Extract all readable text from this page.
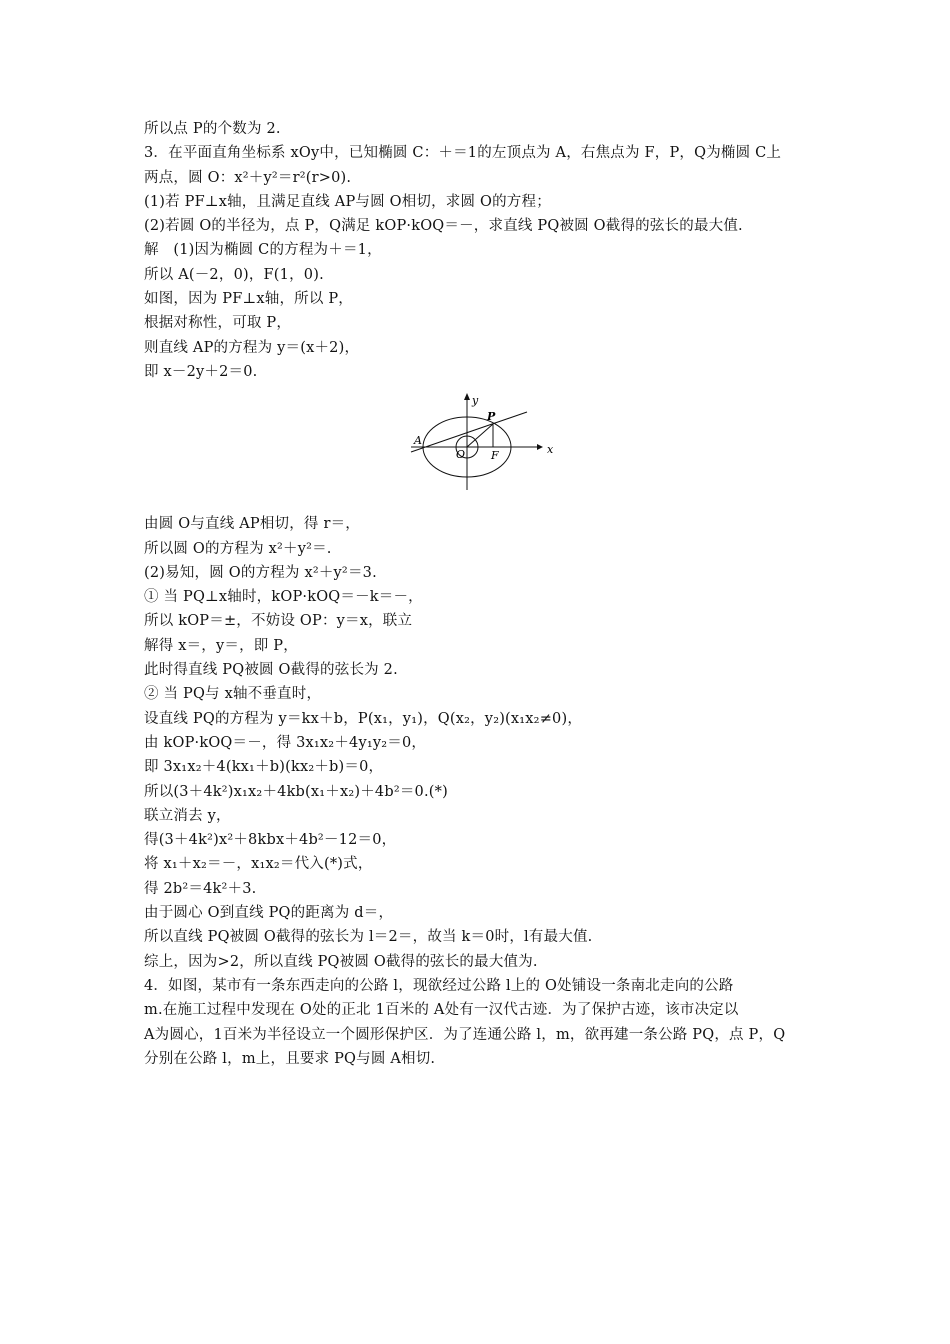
所以点 P的个数为 2.
3．在平面直角坐标系 xOy中，已知椭圆 C：＋＝1的左顶点为 A，右焦点为 F，P，Q为椭圆 C上
两点，圆 O：x²＋y²＝r²(r>0).
(1)若 PF⊥x轴，且满足直线 AP与圆 O相切，求圆 O的方程；
(2)若圆 O的半径为，点 P，Q满足 kOP·kOQ＝－，求直线 PQ被圆 O截得的弦长的最大值.
解　(1)因为椭圆 C的方程为＋＝1，
所以 A(－2，0)，F(1，0).
如图，因为 PF⊥x轴，所以 P，
根据对称性，可取 P，
则直线 AP的方程为 y＝(x＋2)，
即 x－2y＋2＝0.
y
x
P
A
O F
由圆 O与直线 AP相切，得 r＝，
所以圆 O的方程为 x²＋y²＝.
(2)易知，圆 O的方程为 x²＋y²＝3.
① 当 PQ⊥x轴时，kOP·kOQ＝－k＝－，
所以 kOP＝±，不妨设 OP：y＝x，联立
解得 x＝，y＝，即 P，
此时得直线 PQ被圆 O截得的弦长为 2.
② 当 PQ与 x轴不垂直时，
设直线 PQ的方程为 y＝kx＋b，P(x₁，y₁)，Q(x₂，y₂)(x₁x₂≠0)，
由 kOP·kOQ＝－，得 3x₁x₂＋4y₁y₂＝0，
即 3x₁x₂＋4(kx₁＋b)(kx₂＋b)＝0，
所以(3＋4k²)x₁x₂＋4kb(x₁＋x₂)＋4b²＝0.(*)
联立消去 y，
得(3＋4k²)x²＋8kbx＋4b²－12＝0，
将 x₁＋x₂＝－，x₁x₂＝代入(*)式，
得 2b²＝4k²＋3.
由于圆心 O到直线 PQ的距离为 d＝，
所以直线 PQ被圆 O截得的弦长为 l＝2＝，故当 k＝0时，l有最大值.
综上，因为>2，所以直线 PQ被圆 O截得的弦长的最大值为.
4．如图，某市有一条东西走向的公路 l，现欲经过公路 l上的 O处铺设一条南北走向的公路
m.在施工过程中发现在 O处的正北 1百米的 A处有一汉代古迹．为了保护古迹，该市决定以
A为圆心，1百米为半径设立一个圆形保护区．为了连通公路 l，m，欲再建一条公路 PQ，点 P，Q
分别在公路 l，m上，且要求 PQ与圆 A相切.
